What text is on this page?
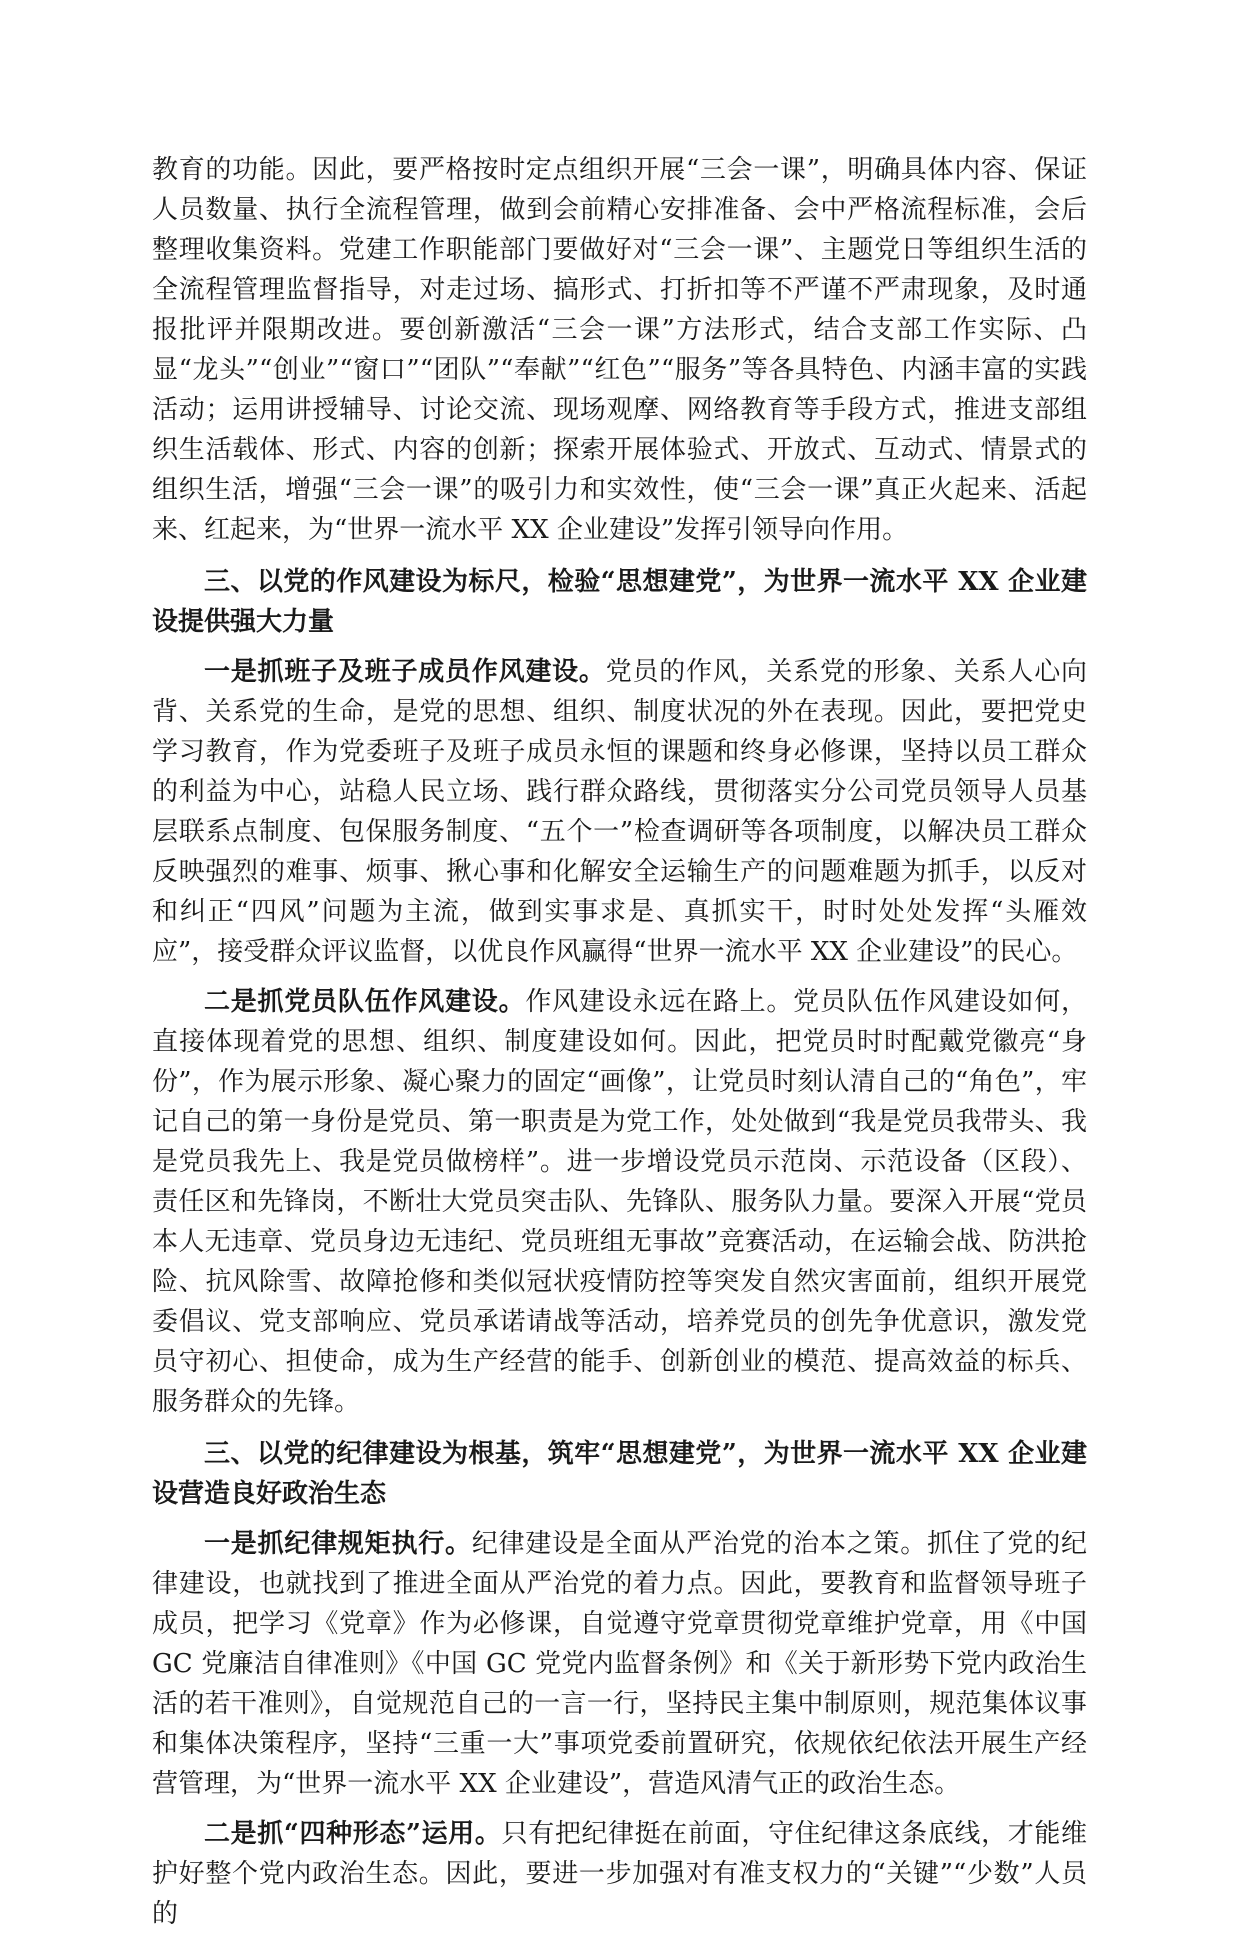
教育的功能。因此，要严格按时定点组织开展“三会一课”，明确具体内容、保证人员数量、执行全流程管理，做到会前精心安排准备、会中严格流程标准，会后整理收集资料。党建工作职能部门要做好对“三会一课”、主题党日等组织生活的全流程管理监督指导，对走过场、搞形式、打折扣等不严谨不严肃现象，及时通报批评并限期改进。要创新激活“三会一课”方法形式，结合支部工作实际、凸显“龙头”“创业”“窗口”“团队”“奉献”“红色”“服务”等各具特色、内涵丰富的实践活动；运用讲授辅导、讨论交流、现场观摩、网络教育等手段方式，推进支部组织生活载体、形式、内容的创新；探索开展体验式、开放式、互动式、情景式的组织生活，增强“三会一课”的吸引力和实效性，使“三会一课”真正火起来、活起来、红起来，为“世界一流水平 XX 企业建设”发挥引领导向作用。

三、以党的作风建设为标尺，检验“思想建党”，为世界一流水平 XX 企业建设提供强大力量

一是抓班子及班子成员作风建设。党员的作风，关系党的形象、关系人心向背、关系党的生命，是党的思想、组织、制度状况的外在表现。因此，要把党史学习教育，作为党委班子及班子成员永恒的课题和终身必修课，坚持以员工群众的利益为中心，站稳人民立场、践行群众路线，贯彻落实分公司党员领导人员基层联系点制度、包保服务制度、“五个一”检查调研等各项制度，以解决员工群众反映强烈的难事、烦事、揪心事和化解安全运输生产的问题难题为抓手，以反对和纠正“四风”问题为主流，做到实事求是、真抓实干，时时处处发挥“头雁效应”，接受群众评议监督，以优良作风赢得“世界一流水平 XX 企业建设”的民心。

二是抓党员队伍作风建设。作风建设永远在路上。党员队伍作风建设如何，直接体现着党的思想、组织、制度建设如何。因此，把党员时时配戴党徽亮“身份”，作为展示形象、凝心聚力的固定“画像”，让党员时刻认清自己的“角色”，牢记自己的第一身份是党员、第一职责是为党工作，处处做到“我是党员我带头、我是党员我先上、我是党员做榜样”。进一步增设党员示范岗、示范设备（区段）、责任区和先锋岗，不断壮大党员突击队、先锋队、服务队力量。要深入开展“党员本人无违章、党员身边无违纪、党员班组无事故”竞赛活动，在运输会战、防洪抢险、抗风除雪、故障抢修和类似冠状疫情防控等突发自然灾害面前，组织开展党委倡议、党支部响应、党员承诺请战等活动，培养党员的创先争优意识，激发党员守初心、担使命，成为生产经营的能手、创新创业的模范、提高效益的标兵、服务群众的先锋。

三、以党的纪律建设为根基，筑牢“思想建党”，为世界一流水平 XX 企业建设营造良好政治生态

一是抓纪律规矩执行。纪律建设是全面从严治党的治本之策。抓住了党的纪律建设，也就找到了推进全面从严治党的着力点。因此，要教育和监督领导班子成员，把学习《党章》作为必修课，自觉遵守党章贯彻党章维护党章，用《中国 GC 党廉洁自律准则》《中国 GC 党党内监督条例》和《关于新形势下党内政治生活的若干准则》，自觉规范自己的一言一行，坚持民主集中制原则，规范集体议事和集体决策程序，坚持“三重一大”事项党委前置研究，依规依纪依法开展生产经营管理，为“世界一流水平 XX 企业建设”，营造风清气正的政治生态。

二是抓“四种形态”运用。只有把纪律挺在前面，守住纪律这条底线，才能维护好整个党内政治生态。因此，要进一步加强对有准支权力的“关键”“少数”人员的
